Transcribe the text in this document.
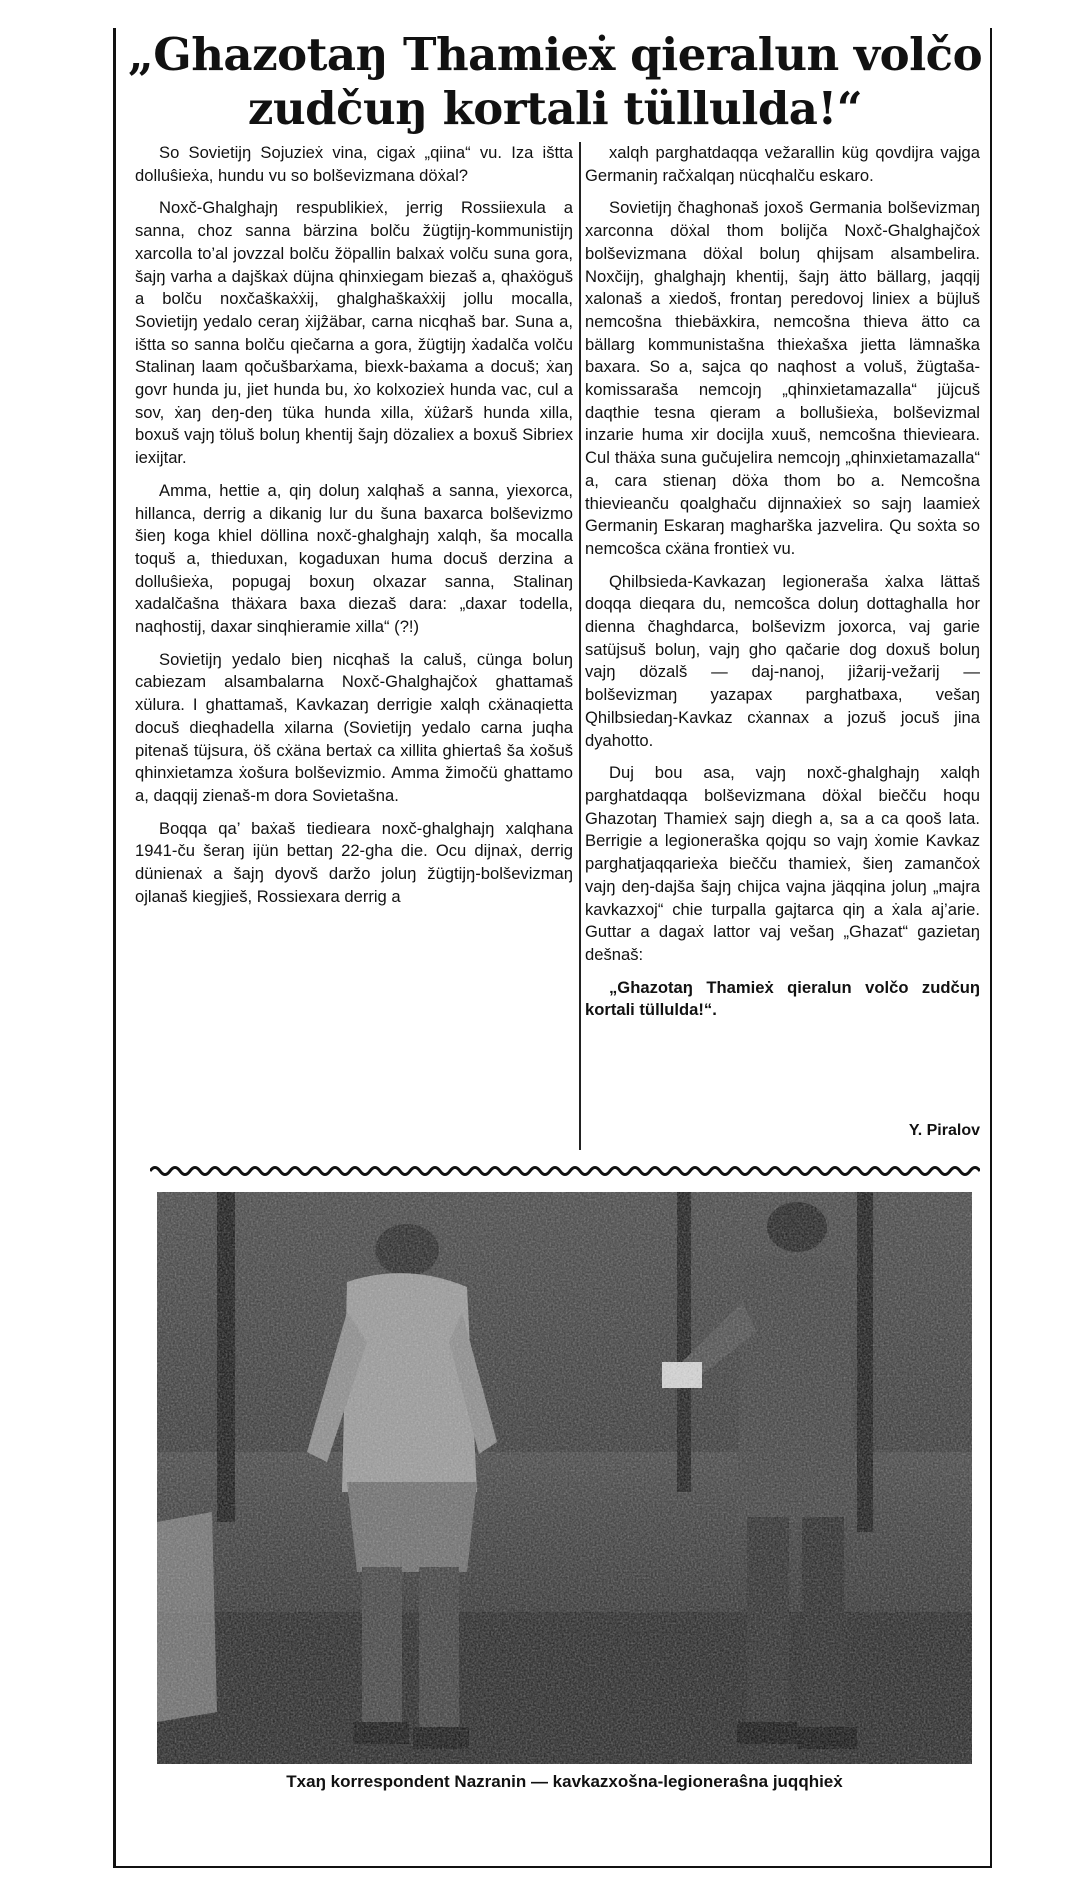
„Ghazotaŋ Thamieẋ qieralun volčo zudčuŋ kortali tüllulda!“

So Sovietijŋ Sojuzieẋ vina, cigaẋ „qiina“ vu. Iza ištta dolluŝieẋa, hundu vu so bolševizmana döẋal?

Noxč-Ghalghajŋ respublikieẋ, jerrig Rossiiexula a sanna, choz sanna bärzina bolču žügtijŋ-kommunistijŋ xarcolla to’al jovzzal bolču žöpallin balxaẋ volču suna gora, šajŋ varha a dajškaẋ düjna qhinxiegam biezaš a, qhaẋöguš a bolču noxčaškaẋẋij, ghalghaškaẋẋij jollu mocalla, Sovietijŋ yedalo ceraŋ ẋijẑäbar, carna nicqhaš bar. Suna a, ištta so sanna bolču qiečarna a gora, žügtijŋ ẋadalča volču Stalinaŋ laam qočušbarẋama, biexk-baẋama a docuš; ẋaŋ govr hunda ju, jiet hunda bu, ẋo kolxozieẋ hunda vac, cul a sov, ẋaŋ deŋ-deŋ tüka hunda xilla, ẋüẑarš hunda xilla, boxuš vajŋ töluš boluŋ khentij šajŋ dözaliex a boxuš Sibriex iexijtar.

Amma, hettie a, qiŋ doluŋ xalqhaš a sanna, yiexorca, hillanca, derrig a dikanig lur du šuna baxarca bolševizmo šieŋ koga khiel döllina noxč-ghalghajŋ xalqh, ša mocalla toquš a, thieduxan, kogaduxan huma docuš derzina a dolluŝieẋa, popugaj boxuŋ olxazar sanna, Stalinaŋ xadalčašna thäẋara baxa diezaš dara: „daxar todella, naqhostij, daxar sinqhieramie xilla“ (?!)

Sovietijŋ yedalo bieŋ nicqhaš la caluš, cünga boluŋ cabiezam alsambalarna Noxč-Ghalghajčoẋ ghattamaš xülura. I ghattamaš, Kavkazaŋ derrigie xalqh cẋänaqietta docuš dieqhadella xilarna (Sovietijŋ yedalo carna juqha pitenaš tüjsura, öš cẋäna bertaẋ ca xillita ghiertaŝ ša ẋošuš qhinxietamza ẋošura bolševizmio. Amma žimočü ghattamo a, daqqij zienaš-m dora Sovietašna.

Boqqa qa’ baẋaš tiedieara noxč-ghalghajŋ xalqhana 1941-ču šeraŋ ijün bettaŋ 22-gha die. Ocu dijnaẋ, derrig dünienaẋ a šajŋ dyovš daržo joluŋ žügtijŋ-bolševizmaŋ ojlanaš kiegjieš, Rossiexara derrig a

xalqh parghatdaqqa vežarallin küg qovdijra vajga Germaniŋ račẋalqaŋ nücqhalču eskaro.

Sovietijŋ čhaghonaš joxoš Germania bolševizmaŋ xarconna döẋal thom bolijča Noxč-Ghalghajčoẋ bolševizmana döẋal boluŋ qhijsam alsambelira. Noxčijŋ, ghalghajŋ khentij, šajŋ ätto bällarg, jaqqij xalonaš a xiedoš, frontaŋ peredovoj liniex a büjluš nemcošna thiebäxkira, nemcošna thieva ätto ca bällarg kommunistašna thieẋašxa jietta lämnaška baxara. So a, sajca qo naqhost a voluš, žügtaša-komissaraša nemcojŋ „qhinxietamazalla“ jüjcuš daqthie tesna qieram a bollušieẋa, bolševizmal inzarie huma xir docijla xuuš, nemcošna thievieara. Cul thäẋa suna gučujelira nemcojŋ „qhinxietamazalla“ a, cara stienaŋ döẋa thom bo a. Nemcošna thievieanču qoalghaču dijnnaẋieẋ so sajŋ laamieẋ Germaniŋ Eskaraŋ magharška jazvelira. Qu soẋta so nemcošca cẋäna frontieẋ vu.

Qhilbsieda-Kavkazaŋ legioneraša ẋalxa lättaš doqqa dieqara du, nemcošca doluŋ dottaghalla hor dienna čhaghdarca, bolševizm joxorca, vaj garie satüjsuš boluŋ, vajŋ gho qačarie dog doxuš boluŋ vajŋ dözalš — daj-nanoj, jiẑarij-vežarij — bolševizmaŋ yazapax parghatbaxa, vešaŋ Qhilbsiedaŋ-Kavkaz cẋannax a jozuš jocuš jina dyahotto.

Duj bou asa, vajŋ noxč-ghalghajŋ xalqh parghatdaqqa bolševizmana döẋal biečču hoqu Ghazotaŋ Thamieẋ sajŋ diegh a, sa a ca qooš lata. Berrigie a legioneraška qojqu so vajŋ ẋomie Kavkaz parghatjaqqarieẋa biečču thamieẋ, šieŋ zamančoẋ vajŋ deŋ-dajša šajŋ chijca vajna jäqqina joluŋ „majra kavkazxoj“ chie turpalla gajtarca qiŋ a ẋala aj’arie. Guttar a dagaẋ lattor vaj vešaŋ „Ghazat“ gazietaŋ dešnaš:

„Ghazotaŋ Thamieẋ qieralun volčo zudčuŋ kortali tüllulda!“.

Y. Piralov

Txaŋ korrespondent Nazranin — kavkazxošna-legioneraŝna juqqhieẋ
